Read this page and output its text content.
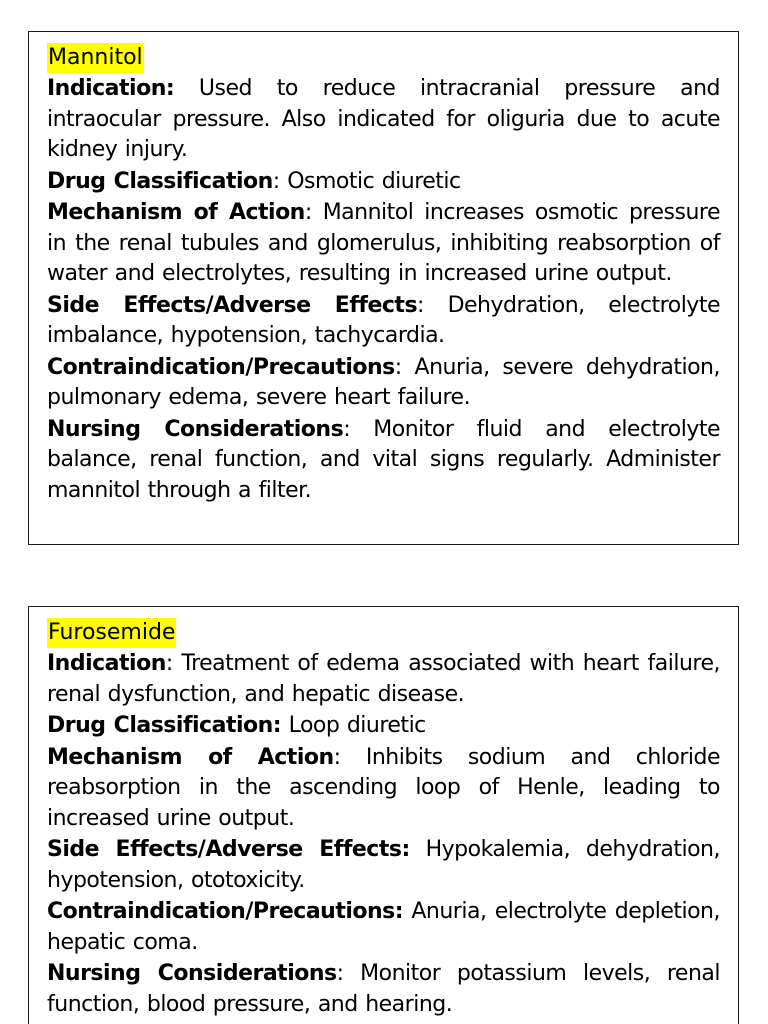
Mannitol

Indication: Used to reduce intracranial pressure and intraocular pressure. Also indicated for oliguria due to acute kidney injury.

Drug Classification: Osmotic diuretic

Mechanism of Action: Mannitol increases osmotic pressure in the renal tubules and glomerulus, inhibiting reabsorption of water and electrolytes, resulting in increased urine output.

Side Effects/Adverse Effects: Dehydration, electrolyte imbalance, hypotension, tachycardia.

Contraindication/Precautions: Anuria, severe dehydration, pulmonary edema, severe heart failure.

Nursing Considerations: Monitor fluid and electrolyte balance, renal function, and vital signs regularly. Administer mannitol through a filter.

Furosemide

Indication: Treatment of edema associated with heart failure, renal dysfunction, and hepatic disease.

Drug Classification: Loop diuretic

Mechanism of Action: Inhibits sodium and chloride reabsorption in the ascending loop of Henle, leading to increased urine output.

Side Effects/Adverse Effects: Hypokalemia, dehydration, hypotension, ototoxicity.

Contraindication/Precautions: Anuria, electrolyte depletion, hepatic coma.

Nursing Considerations: Monitor potassium levels, renal function, blood pressure, and hearing.
